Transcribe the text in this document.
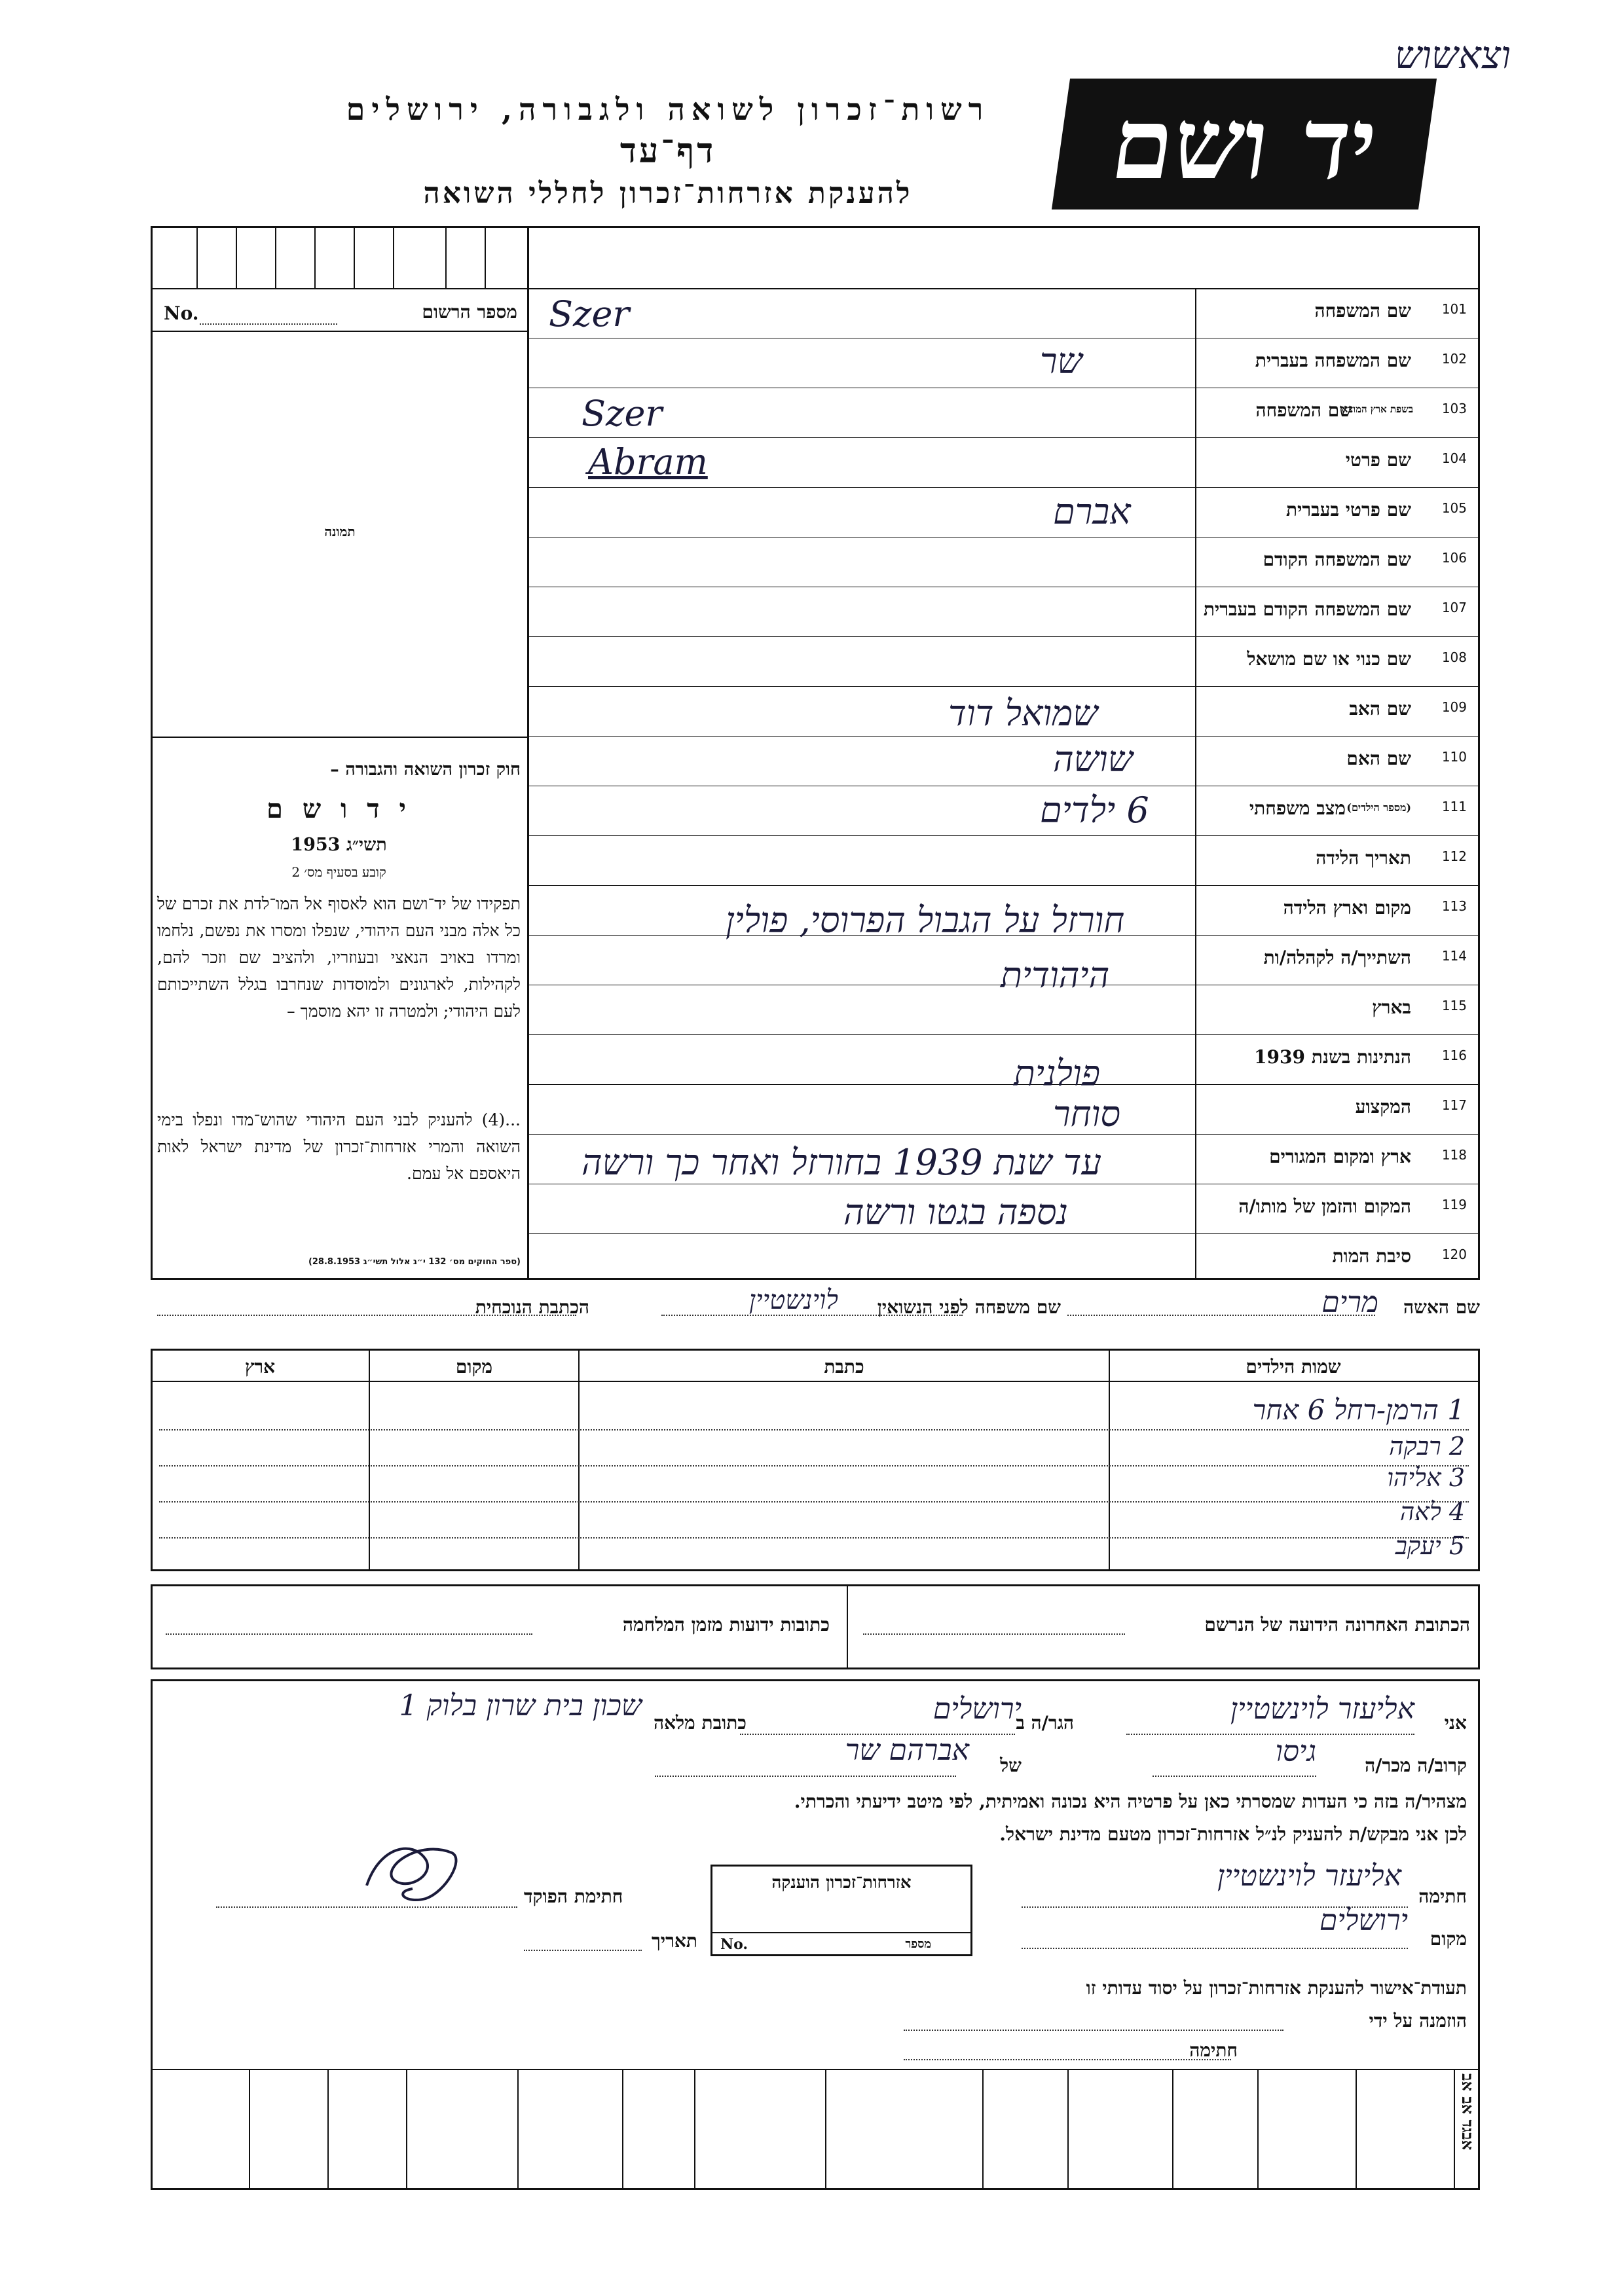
וצאשוש
רשות־זכרון לשואה ולגבורה, ירושלים
דף־עד
להענקת אזרחות־זכרון לחללי השואה	יד ושם
מספר הרשום
No.
תמונה
חוק זכרון השואה והגבורה –
י ד ו ש ם
תשי״ג 1953
קובע בסעיף מס׳ 2
תפקידו של יד־ושם הוא לאסוף אל המו־לדת את זכרם של כל אלה מבני העם היהודי, שנפלו ומסרו את נפשם, נלחמו ומרדו באויב הנאצי ובעוזריו, ולהציב שם וזכר להם, לקהילות, לארגונים ולמוסדות שנחרבו בגלל השתייכותם לעם היהודי; ולמטרה זו יהא מוסמך –
...(4) להעניק לבני העם היהודי שהוש־מדו ונפלו בימי השואה והמרי אזרחות־זכרון של מדינת ישראל לאות היאספם אל עמם.
(ספר החוקים מס׳ 132 י״ג אלול תשי״ג 28.8.1953)
שם המשפחה 101
Szer
שם המשפחה בעברית 102
שר
שם המשפחה
בשפת ארץ המוצא 103
Szer
שם פרטי 104
Abram
שם פרטי בעברית 105
אברם
שם המשפחה הקודם 106
שם המשפחה הקודם בעברית 107
שם כנוי או שם מושאל 108
שם האב 109
שמואל דוד
שם האם 110
שושה
מצב משפחתי (מספר הילדים) 111
6 ילדים
תאריך הלידה 112
מקום וארץ הלידה 113
חורזל על הגבול הפרוסי, פולין
השתייך/ה לקהלה/ות 114
היהודית
בארץ 115
הנתינות בשנת 1939 116
פולנית
המקצוע 117
סוחר
ארץ ומקום המגורים 118
עד שנת 1939 בחורזל ואחר כך ורשה
המקום והזמן של מותו/ה 119
נספה בגטו ורשה
סיבת המות 120
שם האשה
מרים
שם משפחה לפני הנשואין
לוינשטיין
הכתבת הנוכחית
שמות הילדים
כתבת
מקום
ארץ
1 הרמן-רחל 6 אחר
2 רבקה
3 אליהו
4 לאה
5 יעקב
הכתובת האחרונה הידועה של הנרשם
כתובות ידועות מזמן המלחמה
אני
אליעזר לוינשטיין
הגר/ה ב
ירושלים
כתובת מלאה
שכון בית שרון בלוק 1
קרוב/ה מכר/ה
גיסו
של
אברהם שר
מצהיר/ה בזה כי העדות שמסרתי כאן על פרטיה היא נכונה ואמיתית, לפי מיטב ידיעתי והכרתי.
לכן אני מבקש/ת להעניק לנ״ל אזרחות־זכרון מטעם מדינת ישראל.
חתימה
אליעזר לוינשטיין
מקום
ירושלים
אזרחות־זכרון הוענקה
No.	מספר
חתימת הפוקד
תאריך
תעודת־אישור להענקת אזרחות־זכרון על יסוד עדותי זו
הוזמנה על ידי
חתימה
אבגד אב אב
